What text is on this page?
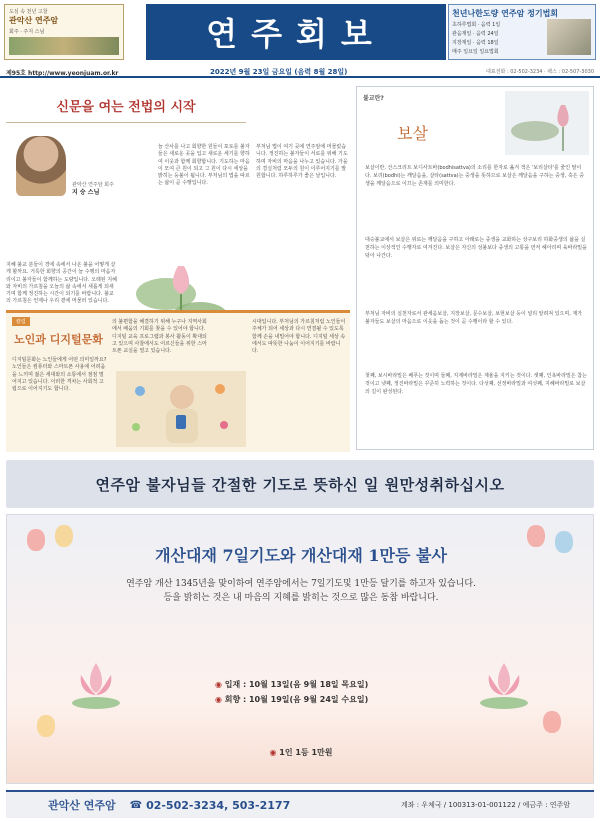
도심 속 천년 고찰
관악산 연주암
회주 · 주지 스님	연주회보
천년나한도량 연주암 정기법회
초하루법회 · 음력 1일
관음재일 · 음력 24일
지장재일 · 음력 18일
매주 일요일 일요법회
제95호 http://www.yeonjuam.or.kr	2022년 9월 23일 금요일 (음력 8월 28일)	대표전화 : 02-502-3234 · 팩스 : 02-507-3030
신문을 여는 전법의 시작
관악산 연주암 회주
지 승 스님
늘 산사를 나고 회향한 원들이 포토를 불자들은 새로운 곳을 입고 새로운 세기를 향하여 이웃과 함께 회향합니다. 기도하는 마음이 모여 큰 원이 되고 그 원이 다시 세상을 밝히는 등불이 됩니다. 부처님의 법을 따르는 삶이 곧 수행입니다.
부처님 법이 여기 곳에 연주암에 머물렀습니다. 정진하는 불자들이 서로를 위해 기도하며 자비의 마음을 나누고 있습니다. 가을의 결실처럼 모두의 원이 이루어지기를 발원합니다. 하루하루가 좋은 날입니다.
지혜 불교 분들이 경에 속에서 나온 불을 어떻게 살게 할까요. 거룩한 회향의 공간이 늘 수행의 마음자리이고 불자들이 함께하는 도량입니다. 오래된 지혜와 자비의 가르침을 오늘의 삶 속에서 새롭게 되새기며 함께 정진하는 시간이 되기를 바랍니다. 불교의 가르침은 언제나 우리 곁에 머물러 있습니다.
칼럼
노인과 디지털문화
디지털문화는 노인들에게 어떤 의미일까요? 노인들은 컴퓨터와 스마트폰 사용에 어려움을 느끼며 젊은 세대와의 소통에서 점점 멀어지고 있습니다. 이러한 격차는 사회적 고립으로 이어지기도 합니다.
의 불편함을 해결하기 위해 누구나 지역사회에서 배움의 기회를 찾을 수 있어야 합니다. 디지털 교육 프로그램과 봉사 활동이 확대되고 있으며 사찰에서도 어르신들을 위한 스마트폰 교실을 열고 있습니다.
시대입니다. 부처님의 가르침처럼 노인들이 주체가 되어 세상과 다시 연결될 수 있도록 함께 손을 내밀어야 합니다. 디지털 세상 속에서도 따뜻한 나눔이 이어지기를 바랍니다.
불교란?
보살
보살이란, 산스크리트 보디사트바(bodhisattva)의 소리를 한자로 옮겨 적은 '보리살타'를 줄인 말이다. 보리(bodhi)는 깨달음을, 살타(sattva)는 중생을 뜻하므로 보살은 깨달음을 구하는 중생, 혹은 중생을 깨달음으로 이끄는 존재를 의미한다.
대승불교에서 보살은 위로는 깨달음을 구하고 아래로는 중생을 교화하는 상구보리 하화중생의 삶을 실천하는 이상적인 수행자로 여겨진다. 보살은 자신의 성불보다 중생의 고통을 먼저 헤아리며 육바라밀을 닦아 나간다.
부처님 자비의 실천자로서 관세음보살, 지장보살, 문수보살, 보현보살 등이 널리 알려져 있으며, 재가 불자들도 보살의 마음으로 이웃을 돕는 것이 곧 수행이라 할 수 있다.
첫째, 보시바라밀은 베푸는 것이며 둘째, 지계바라밀은 계율을 지키는 것이다. 셋째, 인욕바라밀은 참는 것이고 넷째, 정진바라밀은 꾸준히 노력하는 것이다. 다섯째, 선정바라밀과 여섯째, 지혜바라밀로 보살의 길이 완성된다.
연주암 불자님들 간절한 기도로 뜻하신 일 원만성취하십시오
개산대재 7일기도와 개산대재 1만등 불사
연주암 개산 1345년을 맞이하여 연주암에서는 7일기도및 1만등 달기를 하고자 있습니다.
등을 밝히는 것은 내 마음의 지혜를 밝히는 것으로 많은 동참 바랍니다.
◉ 입재 : 10월 13일(음 9월 18일 목요일)
◉ 회향 : 10월 19일(음 9월 24일 수요일)
◉ 1인 1등 1만원
관악산 연주암 ☎ 02-502-3234, 503-2177	계좌 : 우체국 / 100313-01-001122 / 예금주 : 연주암
